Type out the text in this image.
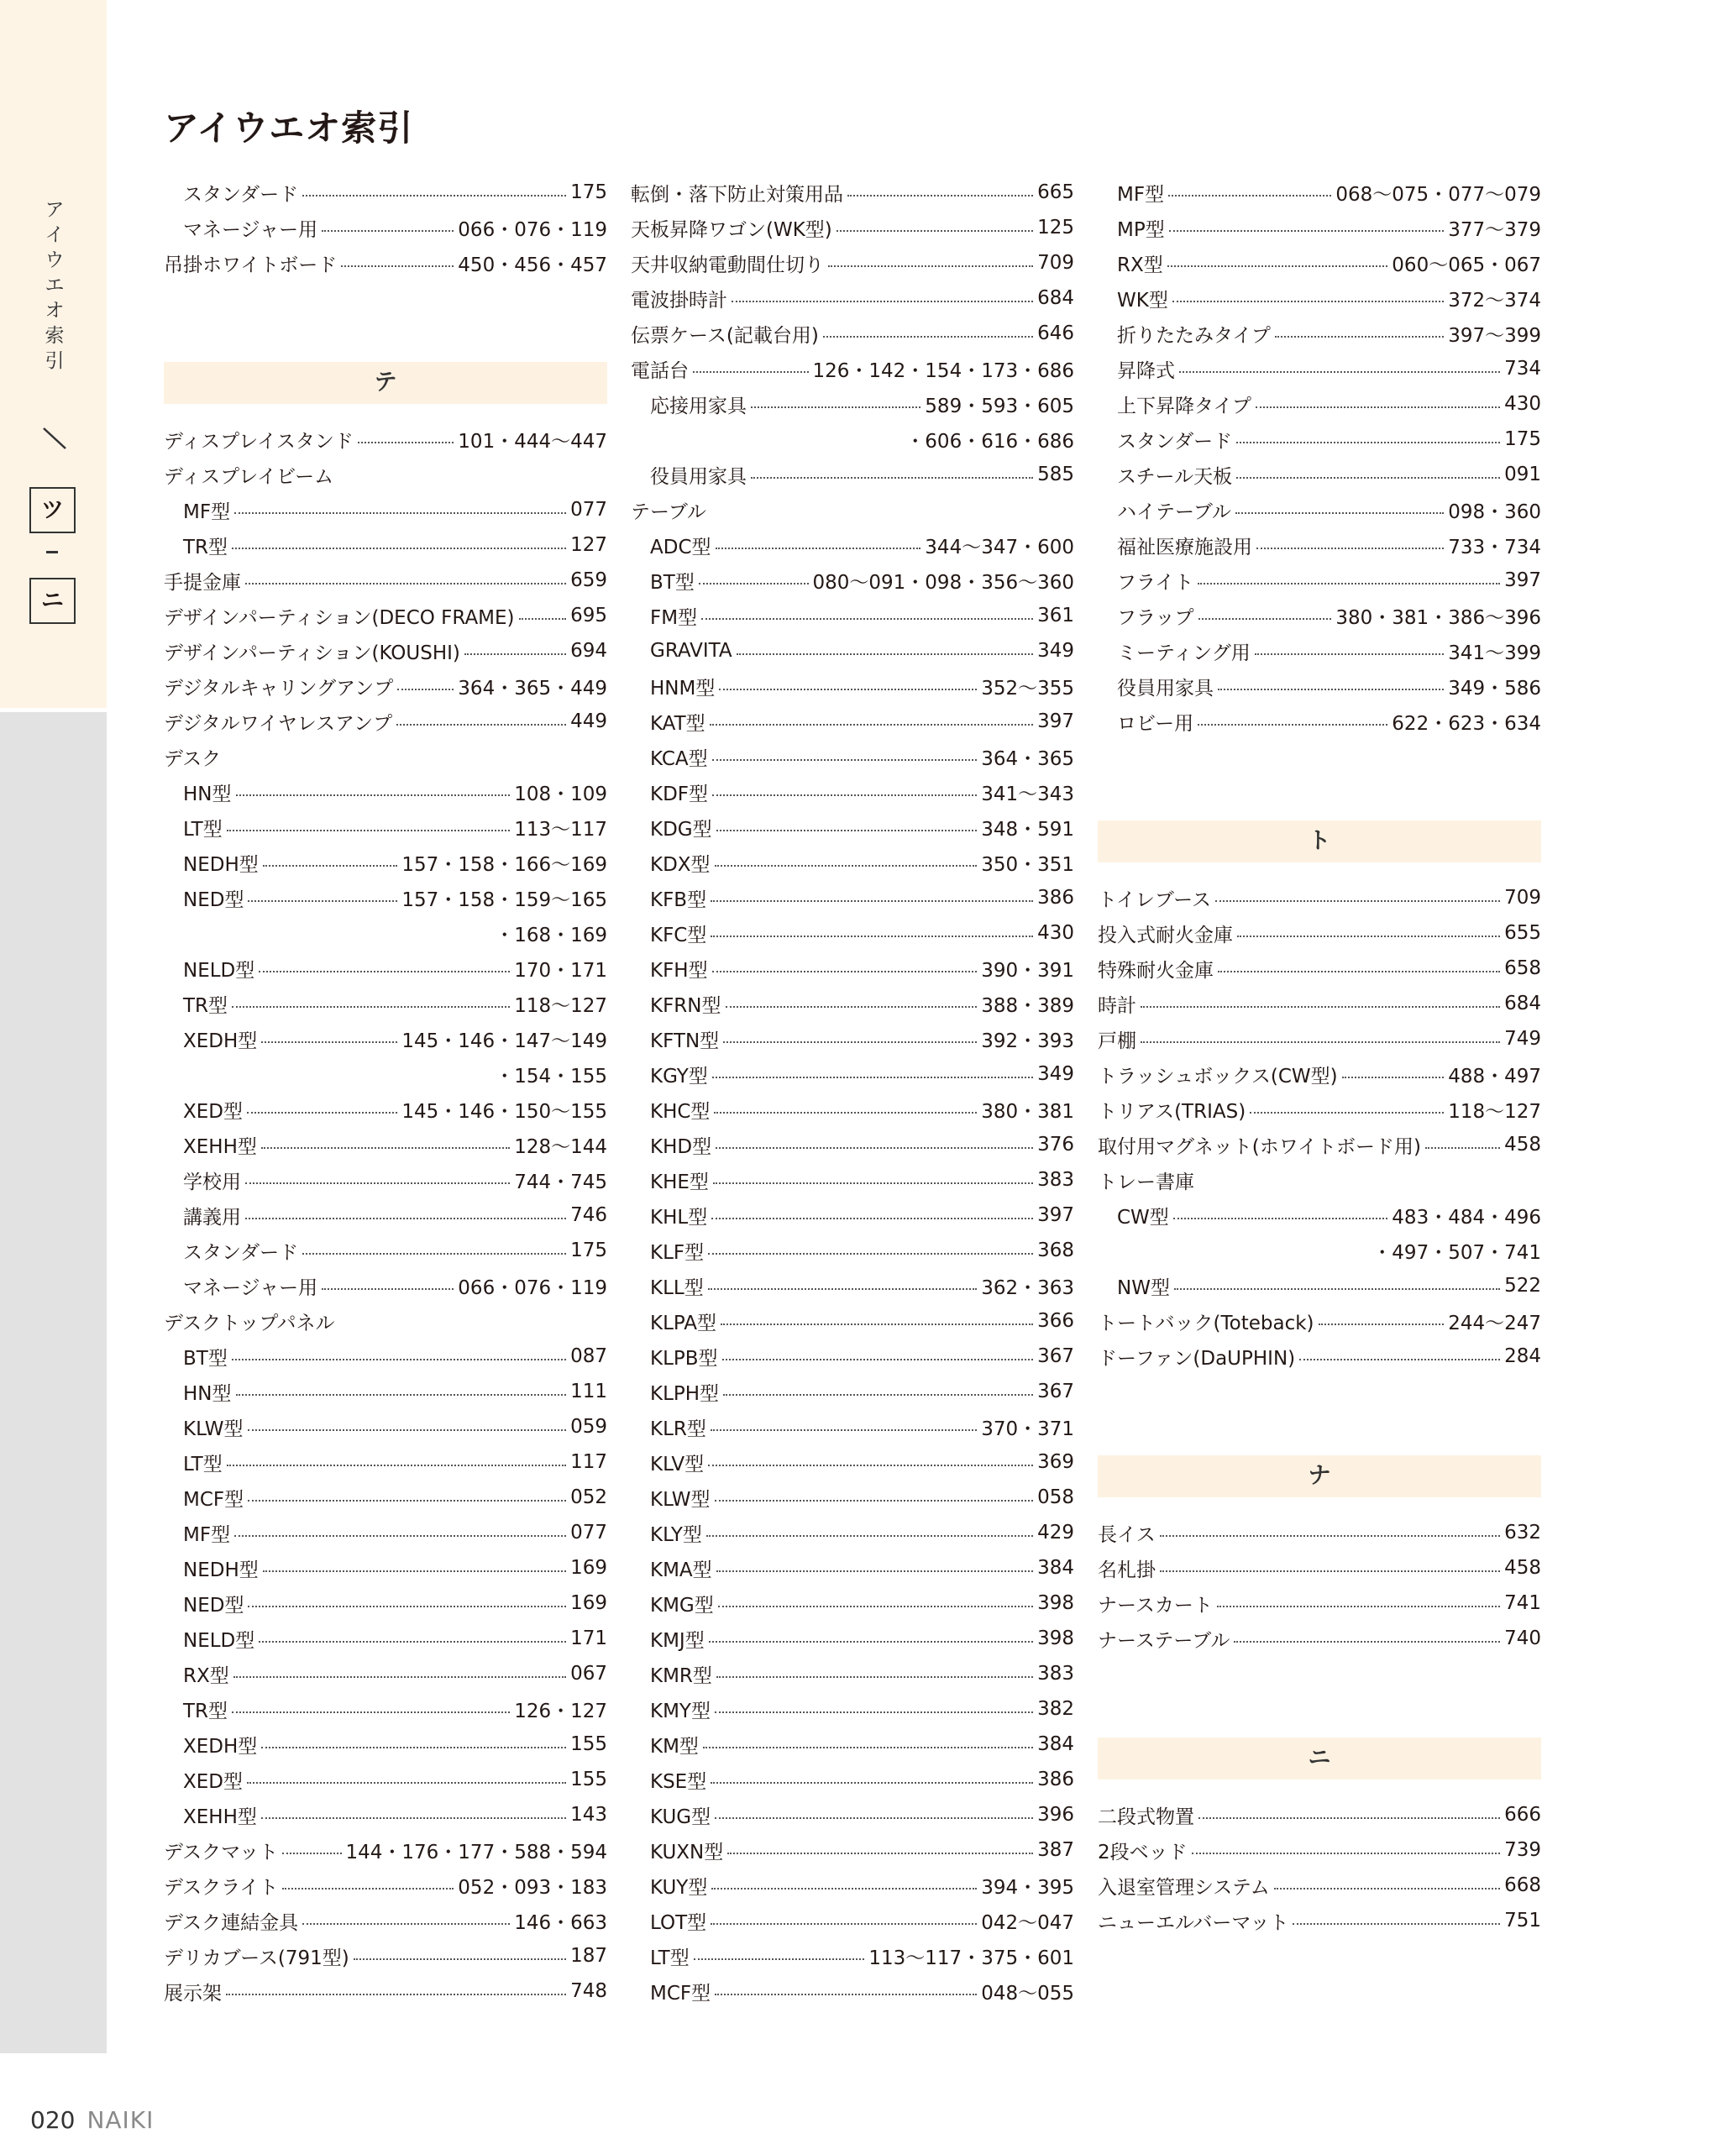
ア
イ
ウ
エ
オ
索
引
ツ
ニ
アイウエオ索引
スタンダード	175
マネージャー用	066・076・119
吊掛ホワイトボード	450・456・457
テ
ディスプレイスタンド	101・444〜447
ディスプレイビーム
MF型	077
TR型	127
手提金庫	659
デザインパーティション(DECO FRAME)	695
デザインパーティション(KOUSHI)	694
デジタルキャリングアンプ	364・365・449
デジタルワイヤレスアンプ	449
デスク
HN型	108・109
LT型	113〜117
NEDH型	157・158・166〜169
NED型	157・158・159〜165
・168・169
NELD型	170・171
TR型	118〜127
XEDH型	145・146・147〜149
・154・155
XED型	145・146・150〜155
XEHH型	128〜144
学校用	744・745
講義用	746
スタンダード	175
マネージャー用	066・076・119
デスクトップパネル
BT型	087
HN型	111
KLW型	059
LT型	117
MCF型	052
MF型	077
NEDH型	169
NED型	169
NELD型	171
RX型	067
TR型	126・127
XEDH型	155
XED型	155
XEHH型	143
デスクマット	144・176・177・588・594
デスクライト	052・093・183
デスク連結金具	146・663
デリカブース(791型)	187
展示架	748
転倒・落下防止対策用品	665
天板昇降ワゴン(WK型)	125
天井収納電動間仕切り	709
電波掛時計	684
伝票ケース(記載台用)	646
電話台	126・142・154・173・686
応接用家具	589・593・605
・606・616・686
役員用家具	585
テーブル
ADC型	344〜347・600
BT型	080〜091・098・356〜360
FM型	361
GRAVITA	349
HNM型	352〜355
KAT型	397
KCA型	364・365
KDF型	341〜343
KDG型	348・591
KDX型	350・351
KFB型	386
KFC型	430
KFH型	390・391
KFRN型	388・389
KFTN型	392・393
KGY型	349
KHC型	380・381
KHD型	376
KHE型	383
KHL型	397
KLF型	368
KLL型	362・363
KLPA型	366
KLPB型	367
KLPH型	367
KLR型	370・371
KLV型	369
KLW型	058
KLY型	429
KMA型	384
KMG型	398
KMJ型	398
KMR型	383
KMY型	382
KM型	384
KSE型	386
KUG型	396
KUXN型	387
KUY型	394・395
LOT型	042〜047
LT型	113〜117・375・601
MCF型	048〜055
MF型	068〜075・077〜079
MP型	377〜379
RX型	060〜065・067
WK型	372〜374
折りたたみタイプ	397〜399
昇降式	734
上下昇降タイプ	430
スタンダード	175
スチール天板	091
ハイテーブル	098・360
福祉医療施設用	733・734
フライト	397
フラップ	380・381・386〜396
ミーティング用	341〜399
役員用家具	349・586
ロビー用	622・623・634
ト
トイレブース	709
投入式耐火金庫	655
特殊耐火金庫	658
時計	684
戸棚	749
トラッシュボックス(CW型)	488・497
トリアス(TRIAS)	118〜127
取付用マグネット(ホワイトボード用)	458
トレー書庫
CW型	483・484・496
・497・507・741
NW型	522
トートバック(Toteback)	244〜247
ドーファン(DaUPHIN)	284
ナ
長イス	632
名札掛	458
ナースカート	741
ナーステーブル	740
ニ
二段式物置	666
2段ベッド	739
入退室管理システム	668
ニューエルバーマット	751
020 NAIKI
